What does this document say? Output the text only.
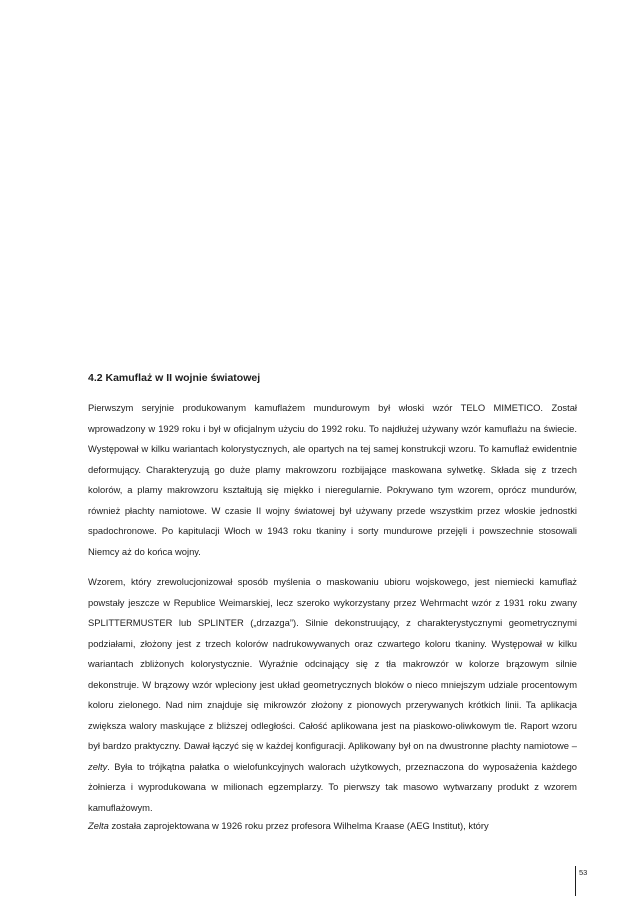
4.2 Kamuflaż w II wojnie światowej

Pierwszym seryjnie produkowanym kamuflażem mundurowym był włoski wzór TELO MIMETICO. Został wprowadzony w 1929 roku i był w oficjalnym użyciu do 1992 roku. To najdłużej używany wzór kamuflażu na świecie. Występował w kilku wariantach kolorystycznych, ale opartych na tej samej konstrukcji wzoru. To kamuflaż ewidentnie deformujący. Charakteryzują go duże plamy makrowzoru rozbijające maskowana sylwetkę. Składa się z trzech kolorów, a plamy makrowzoru kształtują się miękko i nieregularnie. Pokrywano tym wzorem, oprócz mundurów, również płachty namiotowe. W czasie II wojny światowej był używany przede wszystkim przez włoskie jednostki spadochronowe. Po kapitulacji Włoch w 1943 roku tkaniny i sorty mundurowe przejęli i powszechnie stosowali Niemcy aż do końca wojny.

Wzorem, który zrewolucjonizował sposób myślenia o maskowaniu ubioru wojskowego, jest niemiecki kamuflaż powstały jeszcze w Republice Weimarskiej, lecz szeroko wykorzystany przez Wehrmacht wzór z 1931 roku zwany SPLITTERMUSTER lub SPLINTER („drzazga”). Silnie dekonstruujący, z charakterystycznymi geometrycznymi podziałami, złożony jest z trzech kolorów nadrukowywanych oraz czwartego koloru tkaniny. Występował w kilku wariantach zbliżonych kolorystycznie. Wyraźnie odcinający się z tła makrowzór w kolorze brązowym silnie dekonstruje. W brązowy wzór wpleciony jest układ geometrycznych bloków o nieco mniejszym udziale procentowym koloru zielonego. Nad nim znajduje się mikrowzór złożony z pionowych przerywanych krótkich linii. Ta aplikacja zwiększa walory maskujące z bliższej odległości. Całość aplikowana jest na piaskowo-oliwkowym tle. Raport wzoru był bardzo praktyczny. Dawał łączyć się w każdej konfiguracji. Aplikowany był on na dwustronne płachty namiotowe – zelty. Była to trójkątna pałatka o wielofunkcyjnych walorach użytkowych, przeznaczona do wyposażenia każdego żołnierza i wyprodukowana w milionach egzemplarzy. To pierwszy tak masowo wytwarzany produkt z wzorem kamuflażowym.

Zelta została zaprojektowana w 1926 roku przez profesora Wilhelma Kraase (AEG Institut), który

53
